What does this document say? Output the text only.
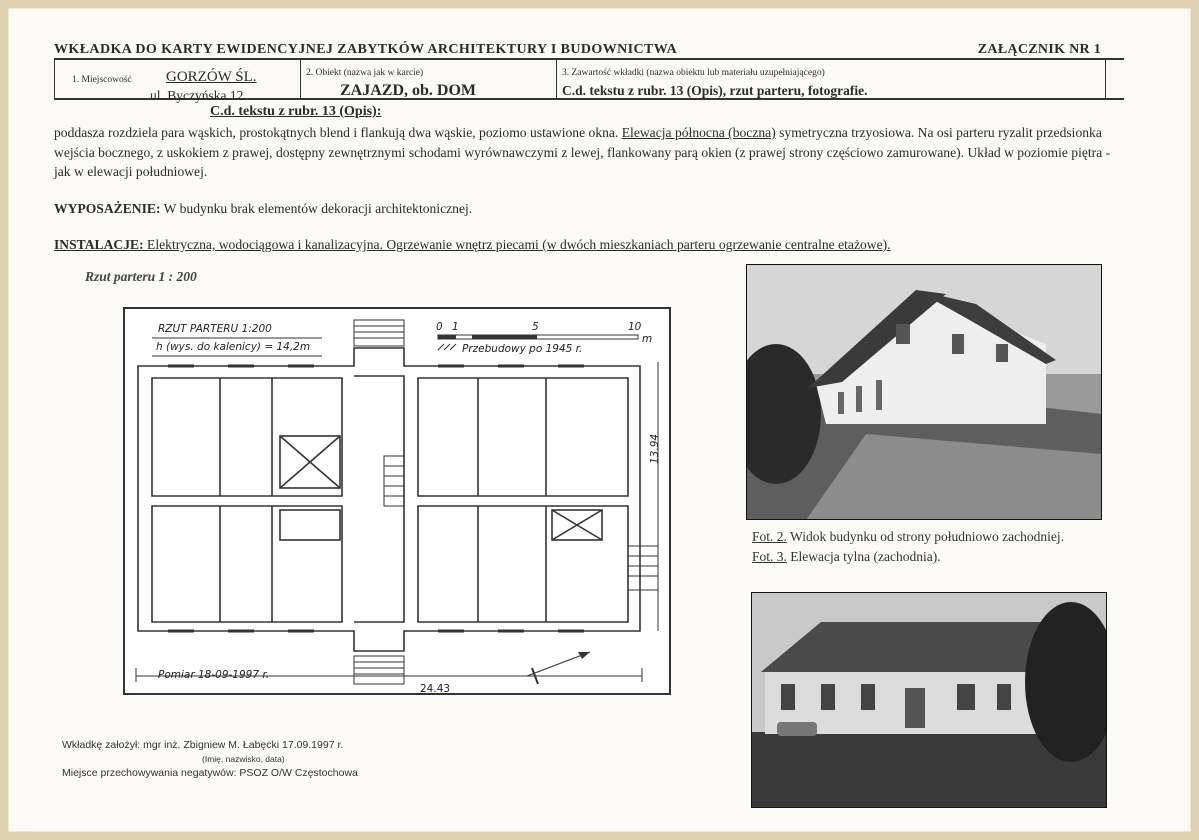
WKŁADKA DO KARTY EWIDENCYJNEJ ZABYTKÓW ARCHITEKTURY I BUDOWNICTWA	ZAŁĄCZNIK NR 1
1. Miejscowość GORZÓW ŚL.
ul. Byczyńska 12
2. Obiekt (nazwa jak w karcie)
ZAJAZD, ob. DOM
3. Zawartość wkładki (nazwa obiektu lub materiału uzupełniającego)
C.d. tekstu z rubr. 13 (Opis), rzut parteru, fotografie.
C.d. tekstu z rubr. 13 (Opis):

poddasza rozdziela para wąskich, prostokątnych blend i flankują dwa wąskie, poziomo ustawione okna. Elewacja północna (boczna) symetryczna trzyosiowa. Na osi parteru ryzalit przedsionka wejścia bocznego, z uskokiem z prawej, dostępny zewnętrznymi schodami wyrównawczymi z lewej, flankowany parą okien (z prawej strony częściowo zamurowane). Układ w poziomie piętra - jak w elewacji południowej.

WYPOSAŻENIE: W budynku brak elementów dekoracji architektonicznej.

INSTALACJE: Elektryczna, wodociągowa i kanalizacyjna. Ogrzewanie wnętrz piecami (w dwóch mieszkaniach parteru ogrzewanie centralne etażowe).

Rzut parteru 1 : 200
RZUT PARTERU 1:200
h (wys. do kalenicy) = 14,2m
0 1	5	10
m
Przebudowy po 1945 r.
13.94
24.43
Pomiar 18-09-1997 r.

Fot. 2. Widok budynku od strony południowo zachodniej.

Fot. 3. Elewacja tylna (zachodnia).

Wkładkę założył: mgr inż. Zbigniew M. Łabęcki 17.09.1997 r.
(Imię, nazwisko, data)
Miejsce przechowywania negatywów: PSOZ O/W Częstochowa
